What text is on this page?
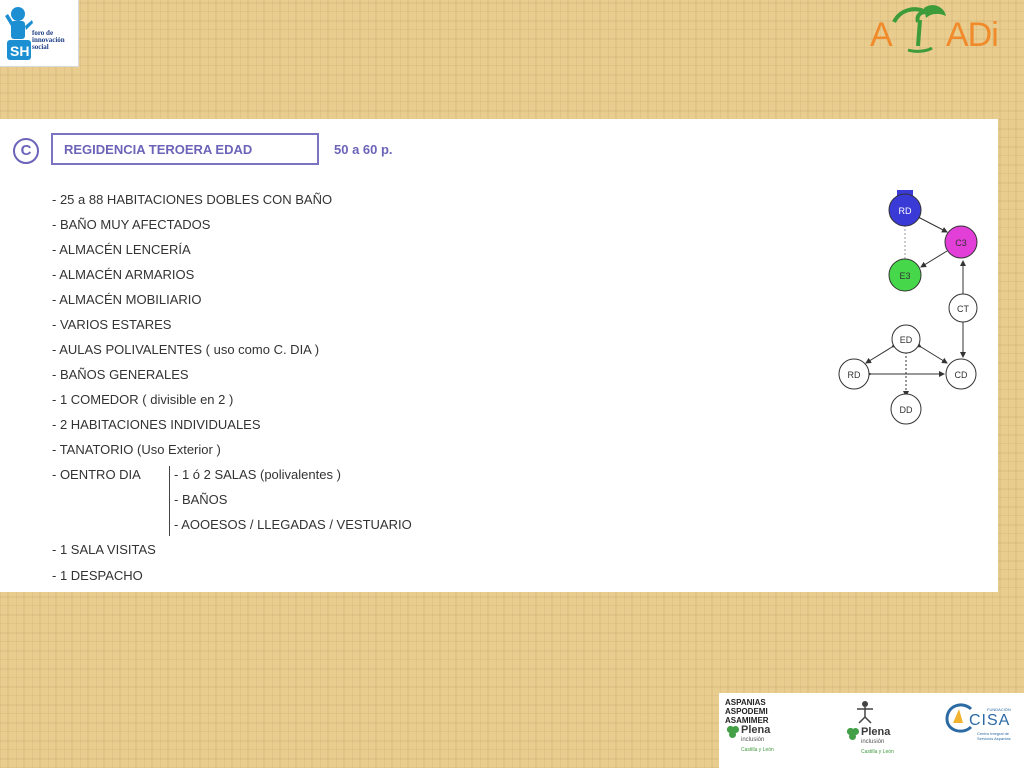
SH
foro de
innovación
social	A ADi
C	REGIDENCIA TEROERA EDAD	50 a 60 p.
- 25 a 88 HABITACIONES DOBLES CON BAÑO
- BAÑO MUY AFECTADOS
- ALMACÉN LENCERÍA
- ALMACÉN ARMARIOS
- ALMACÉN MOBILIARIO
- VARIOS ESTARES
- AULAS POLIVALENTES ( uso como C. DIA )
- BAÑOS GENERALES
- 1 COMEDOR ( divisible en 2 )
- 2 HABITACIONES INDIVIDUALES
- TANATORIO (Uso Exterior )
- OENTRO DIA	- 1 ó 2 SALAS (polivalentes )
- BAÑOS
- AOOESOS / LLEGADAS / VESTUARIO
- 1 SALA VISITAS
- 1 DESPACHO
RD
C3
E3
CT
ED
RD	CD
DD
ASPANIAS
ASPODEMI
ASAMIMER
Plena
inclusión
Castilla y León
Plena
inclusión
Castilla y León
FUNDACIÓN
CISA
Centro Integral de Servicios Aspanias
